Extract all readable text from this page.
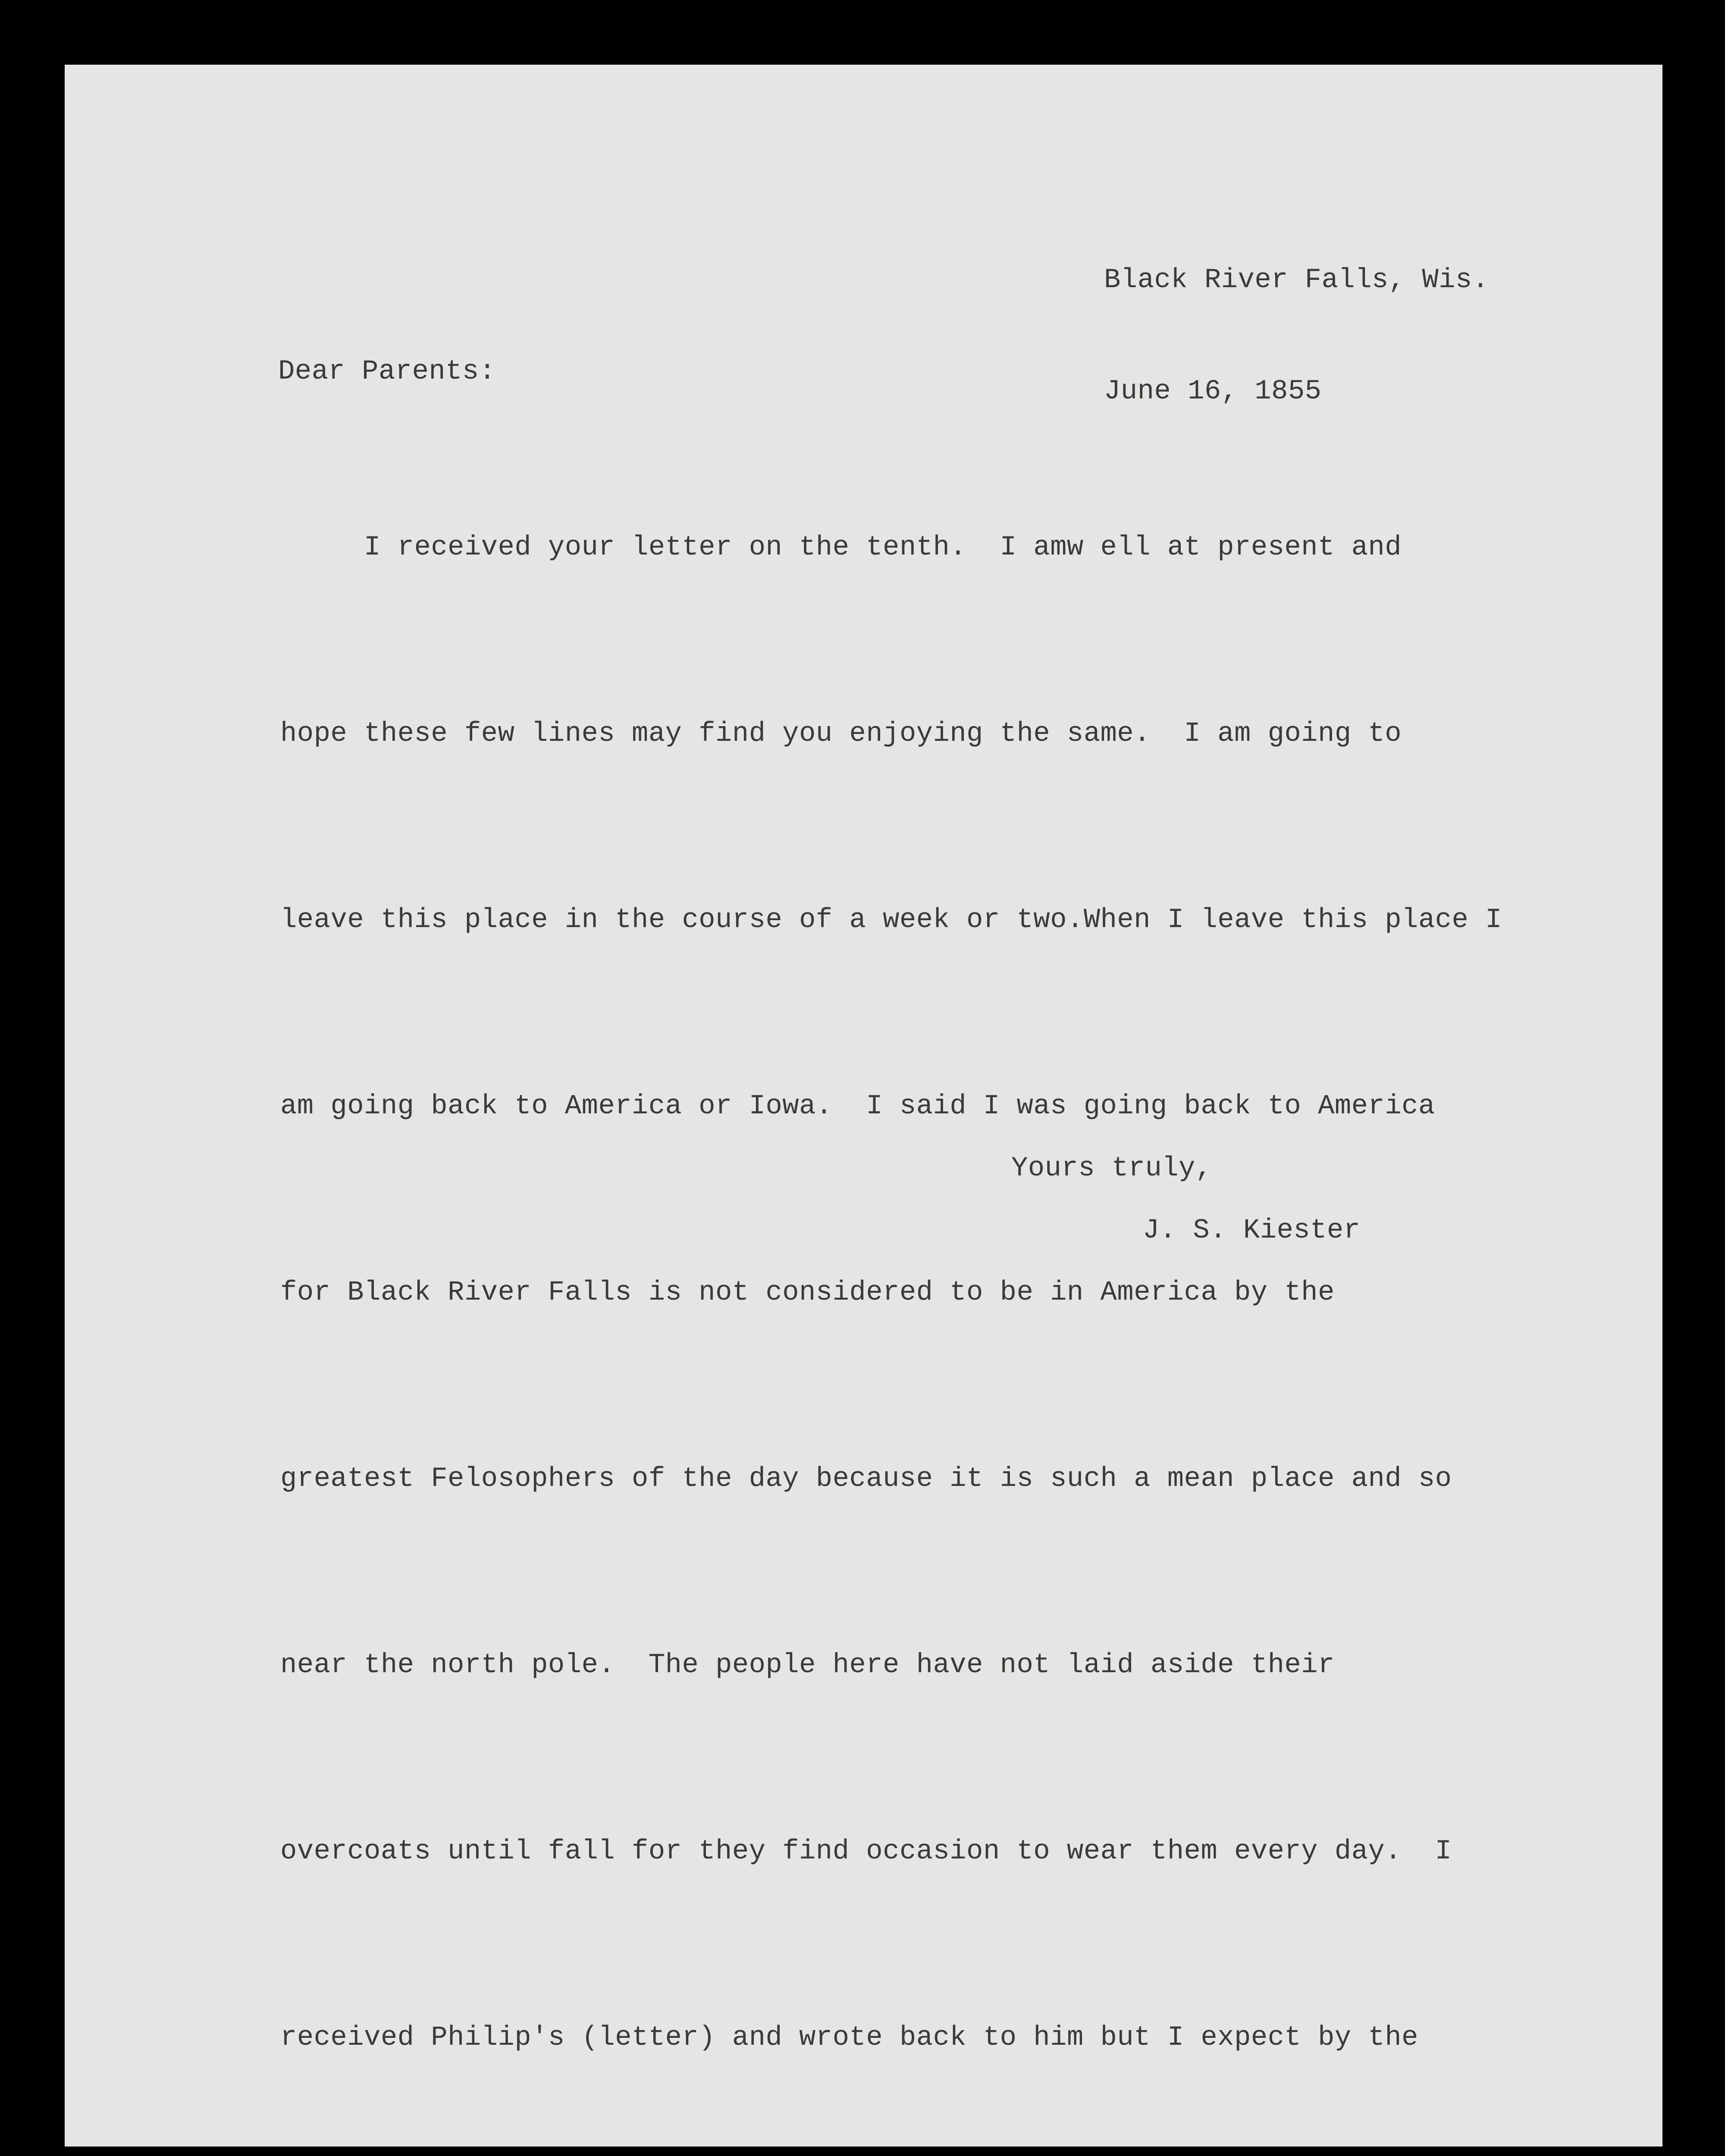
Black River Falls, Wis.

June 16, 1855

Dear Parents:

I received your letter on the tenth.  I amw ell at present and

hope these few lines may find you enjoying the same.  I am going to

leave this place in the course of a week or two.When I leave this place I

am going back to America or Iowa.  I said I was going back to America

for Black River Falls is not considered to be in America by the

greatest Felosophers of the day because it is such a mean place and so

near the north pole.  The people here have not laid aside their

overcoats until fall for they find occasion to wear them every day.  I

received Philip's (letter) and wrote back to him but I expect by the

Yours truly,
J. S. Kiester
